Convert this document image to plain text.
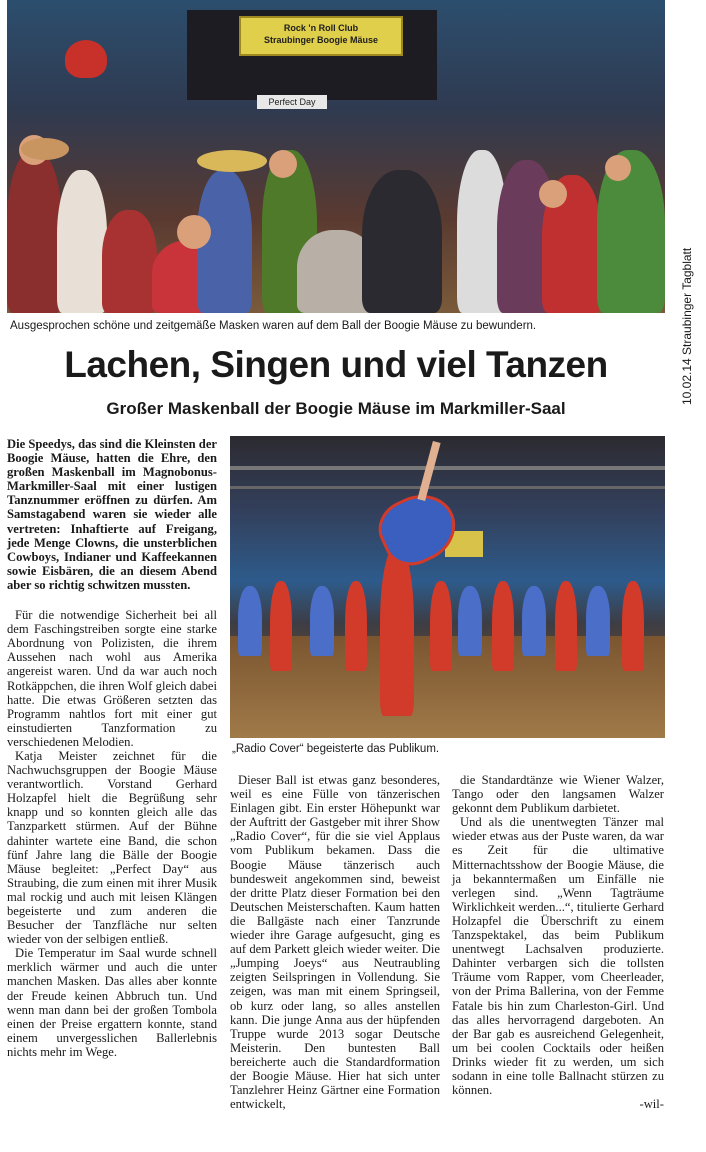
Rock 'n Roll Club
Straubinger Boogie Mäuse
Perfect Day
Ausgesprochen schöne und zeitgemäße Masken waren auf dem Ball der Boogie Mäuse zu bewundern.
Lachen, Singen und viel Tanzen
Großer Maskenball der Boogie Mäuse im Markmiller-Saal
Die Speedys, das sind die Kleinsten der Boogie Mäuse, hatten die Ehre, den großen Maskenball im Magnobonus-Markmiller-Saal mit einer lustigen Tanznummer eröffnen zu dürfen. Am Samstagabend waren sie wieder alle vertreten: Inhaftierte auf Freigang, jede Menge Clowns, die unsterblichen Cowboys, Indianer und Kaffeekannen sowie Eisbären, die an diesem Abend aber so richtig schwitzen mussten.

Für die notwendige Sicherheit bei all dem Faschingstreiben sorgte eine starke Abordnung von Polizisten, die ihrem Aussehen nach wohl aus Amerika angereist waren. Und da war auch noch Rotkäppchen, die ihren Wolf gleich dabei hatte. Die etwas Größeren setzten das Programm nahtlos fort mit einer gut einstudierten Tanzformation zu verschiedenen Melodien.

Katja Meister zeichnet für die Nachwuchsgruppen der Boogie Mäuse verantwortlich. Vorstand Gerhard Holzapfel hielt die Begrüßung sehr knapp und so konnten gleich alle das Tanzparkett stürmen. Auf der Bühne dahinter wartete eine Band, die schon fünf Jahre lang die Bälle der Boogie Mäuse begleitet: „Perfect Day“ aus Straubing, die zum einen mit ihrer Musik mal rockig und auch mit leisen Klängen begeisterte und zum anderen die Besucher der Tanzfläche nur selten wieder von der selbigen entließ.

Die Temperatur im Saal wurde schnell merklich wärmer und auch die unter manchen Masken. Das alles aber konnte der Freude keinen Abbruch tun. Und wenn man dann bei der großen Tombola einen der Preise ergattern konnte, stand einem unvergesslichen Ballerlebnis nichts mehr im Wege.

„Radio Cover“ begeisterte das Publikum.

Dieser Ball ist etwas ganz besonderes, weil es eine Fülle von tänzerischen Einlagen gibt. Ein erster Höhepunkt war der Auftritt der Gastgeber mit ihrer Show „Radio Cover“, für die sie viel Applaus vom Publikum bekamen. Dass die Boogie Mäuse tänzerisch auch bundesweit angekommen sind, beweist der dritte Platz dieser Formation bei den Deutschen Meisterschaften. Kaum hatten die Ballgäste nach einer Tanzrunde wieder ihre Garage aufgesucht, ging es auf dem Parkett gleich wieder weiter. Die „Jumping Joeys“ aus Neutraubling zeigten Seilspringen in Vollendung. Sie zeigen, was man mit einem Springseil, ob kurz oder lang, so alles anstellen kann. Die junge Anna aus der hüpfenden Truppe wurde 2013 sogar Deutsche Meisterin. Den buntesten Ball bereicherte auch die Standardformation der Boogie Mäuse. Hier hat sich unter Tanzlehrer Heinz Gärtner eine Formation entwickelt,

die Standardtänze wie Wiener Walzer, Tango oder den langsamen Walzer gekonnt dem Publikum darbietet.

Und als die unentwegten Tänzer mal wieder etwas aus der Puste waren, da war es Zeit für die ultimative Mitternachtsshow der Boogie Mäuse, die ja bekanntermaßen um Einfälle nie verlegen sind. „Wenn Tagträume Wirklichkeit werden...“, titulierte Gerhard Holzapfel die Überschrift zu einem Tanzspektakel, das beim Publikum unentwegt Lachsalven produzierte. Dahinter verbargen sich die tollsten Träume vom Rapper, vom Cheerleader, von der Prima Ballerina, von der Femme Fatale bis hin zum Charleston-Girl. Und das alles hervorragend dargeboten. An der Bar gab es ausreichend Gelegenheit, um bei coolen Cocktails oder heißen Drinks wieder fit zu werden, um sich sodann in eine tolle Ballnacht stürzen zu können.

-wil-
10.02.14 Straubinger Tagblatt
